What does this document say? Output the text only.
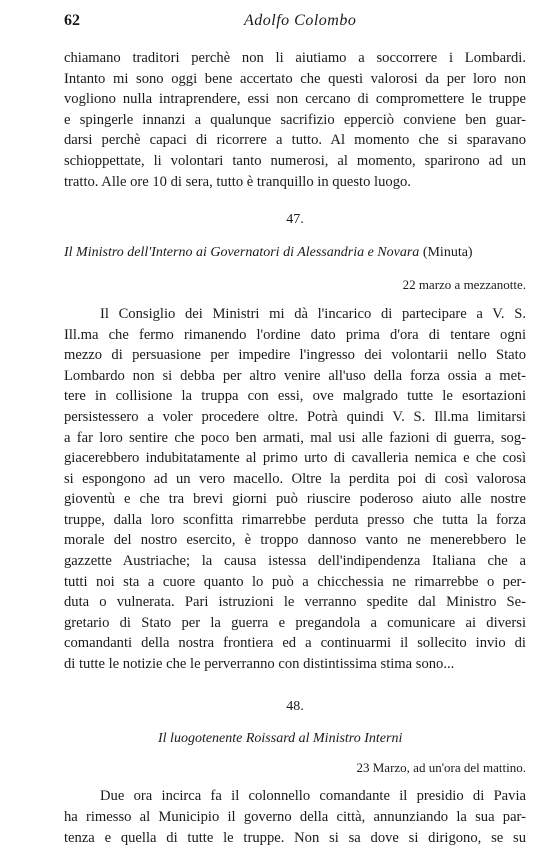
62	Adolfo Colombo

chiamano traditori perchè non li aiutiamo a soccorrere i Lombardi.
Intanto mi sono oggi bene accertato che questi valorosi da per loro non
vogliono nulla intraprendere, essi non cercano di compromettere le truppe
e spingerle innanzi a qualunque sacrifizio epperciò conviene ben guar-
darsi perchè capaci di ricorrere a tutto. Al momento che si sparavano
schioppettate, li volontari tanto numerosi, al momento, sparirono ad un
tratto. Alle ore 10 di sera, tutto è tranquillo in questo luogo.

47.

Il Ministro dell'Interno ai Governatori di Alessandria e Novara (Minuta)

22 marzo a mezzanotte.

Il Consiglio dei Ministri mi dà l'incarico di partecipare a V. S.
Ill.ma che fermo rimanendo l'ordine dato prima d'ora di tentare ogni
mezzo di persuasione per impedire l'ingresso dei volontarii nello Stato
Lombardo non si debba per altro venire all'uso della forza ossia a met-
tere in collisione la truppa con essi, ove malgrado tutte le esortazioni
persistessero a voler procedere oltre. Potrà quindi V. S. Ill.ma limitarsi
a far loro sentire che poco ben armati, mal usi alle fazioni di guerra, sog-
giacerebbero indubitatamente al primo urto di cavalleria nemica e che così
si espongono ad un vero macello. Oltre la perdita poi di così valorosa
gioventù e che tra brevi giorni può riuscire poderoso aiuto alle nostre
truppe, dalla loro sconfitta rimarrebbe perduta presso che tutta la forza
morale del nostro esercito, è troppo dannoso vanto ne menerebbero le
gazzette Austriache; la causa istessa dell'indipendenza Italiana che a
tutti noi sta a cuore quanto lo può a chicchessia ne rimarrebbe o per-
duta o vulnerata. Pari istruzioni le verranno spedite dal Ministro Se-
gretario di Stato per la guerra e pregandola a comunicare ai diversi
comandanti della nostra frontiera ed a continuarmi il sollecito invio di
di tutte le notizie che le perverranno con distintissima stima sono...

48.

Il luogotenente Roissard al Ministro Interni

23 Marzo, ad un'ora del mattino.

Due ora incirca fa il colonnello comandante il presidio di Pavia
ha rimesso al Municipio il governo della città, annunziando la sua par-
tenza e quella di tutte le truppe. Non si sa dove si dirigono, se su
